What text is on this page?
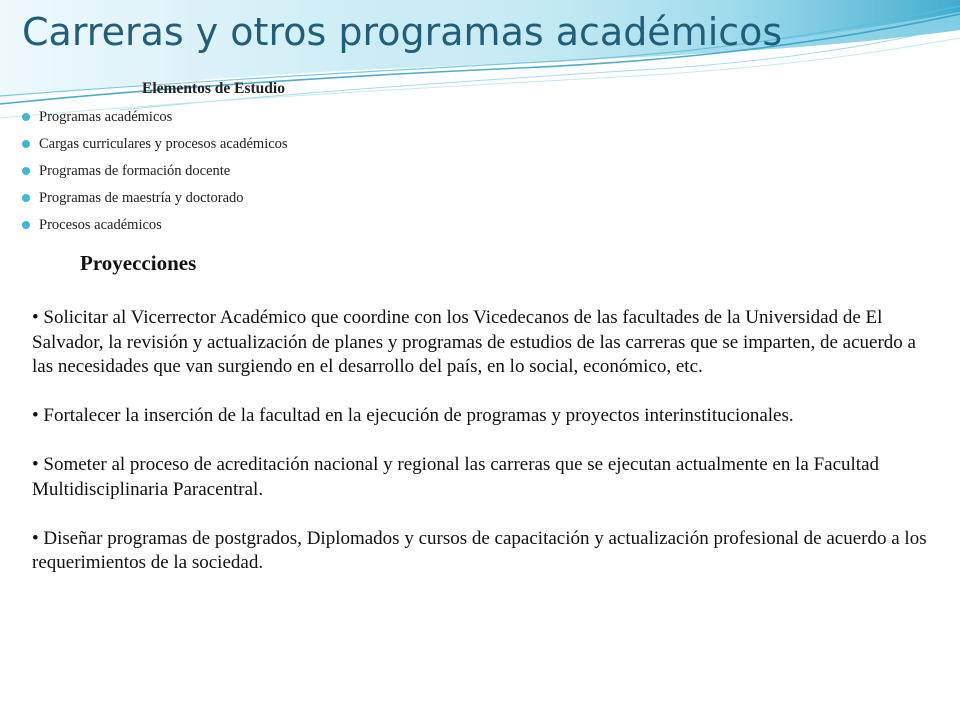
Carreras y otros programas académicos
Elementos de Estudio
Programas académicos
Cargas curriculares y procesos académicos
Programas de formación docente
Programas de maestría y doctorado
Procesos académicos
Proyecciones

• Solicitar al Vicerrector Académico que coordine con los Vicedecanos de las facultades de la Universidad de El Salvador, la revisión y actualización de planes y programas de estudios de las carreras que se imparten, de acuerdo a las necesidades que van surgiendo en el desarrollo del país, en lo social, económico, etc.

• Fortalecer la inserción de la facultad en la ejecución de programas y proyectos interinstitucionales.

• Someter al proceso de acreditación nacional y regional las carreras que se ejecutan actualmente en la Facultad Multidisciplinaria Paracentral.

• Diseñar programas de postgrados, Diplomados y cursos de capacitación y actualización profesional de acuerdo a los requerimientos de la sociedad.
